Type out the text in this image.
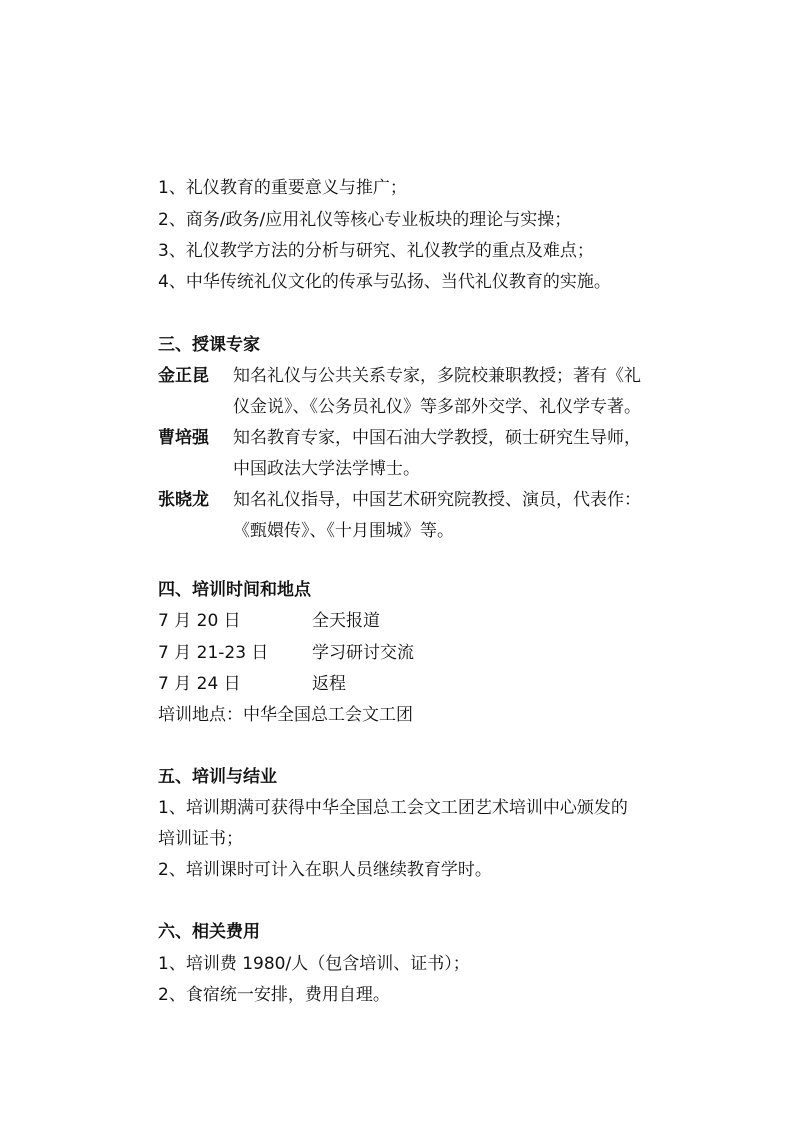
1、礼仪教育的重要意义与推广；
2、商务/政务/应用礼仪等核心专业板块的理论与实操；
3、礼仪教学方法的分析与研究、礼仪教学的重点及难点；
4、中华传统礼仪文化的传承与弘扬、当代礼仪教育的实施。
三、授课专家
金正昆 知名礼仪与公共关系专家，多院校兼职教授；著有《礼
仪金说》、《公务员礼仪》等多部外交学、礼仪学专著。
曹培强 知名教育专家，中国石油大学教授，硕士研究生导师，
中国政法大学法学博士。
张晓龙 知名礼仪指导，中国艺术研究院教授、演员，代表作：
《甄嬛传》、《十月围城》等。
四、培训时间和地点
7 月 20 日	全天报道
7 月 21-23 日	学习研讨交流
7 月 24 日	返程
培训地点：中华全国总工会文工团
五、培训与结业
1、培训期满可获得中华全国总工会文工团艺术培训中心颁发的
培训证书；
2、培训课时可计入在职人员继续教育学时。
六、相关费用
1、培训费 1980/人（包含培训、证书）；
2、食宿统一安排，费用自理。
